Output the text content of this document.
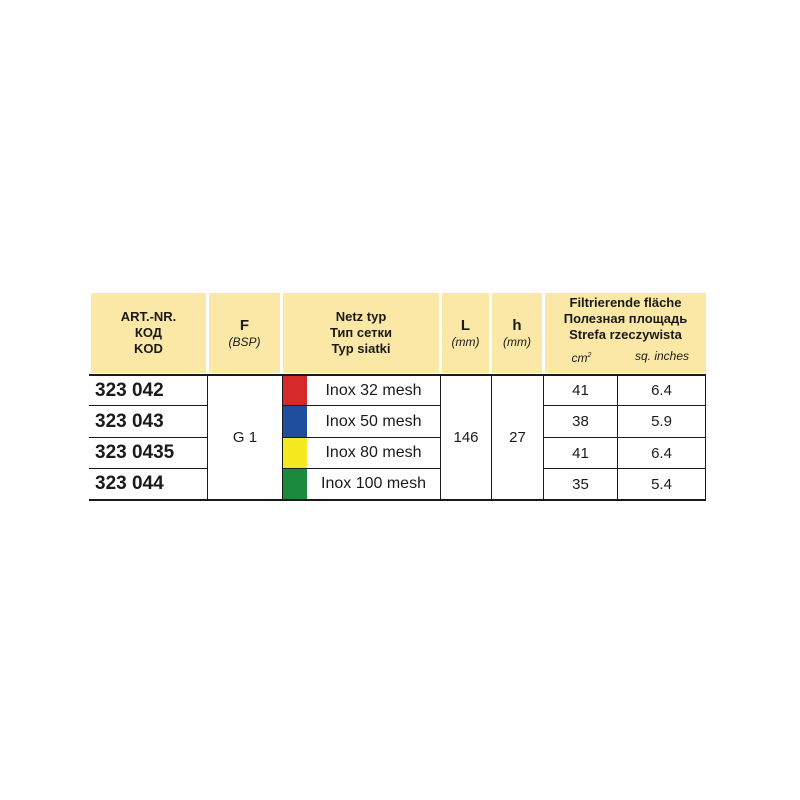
ART.-NR.
КОД
KOD
F
(BSP)
Netz typ
Тип сетки
Typ siatki
L
(mm)
h
(mm)
Filtrierende fläche
Полезная площадь
Strefa rzeczywista
$cm^2$	sq. inches
323 042
323 043
323 0435
323 044
G 1
Inox 32 mesh
Inox 50 mesh
Inox 80 mesh
Inox 100 mesh
146	27
41
38
41
35
6.4
5.9
6.4
5.4
